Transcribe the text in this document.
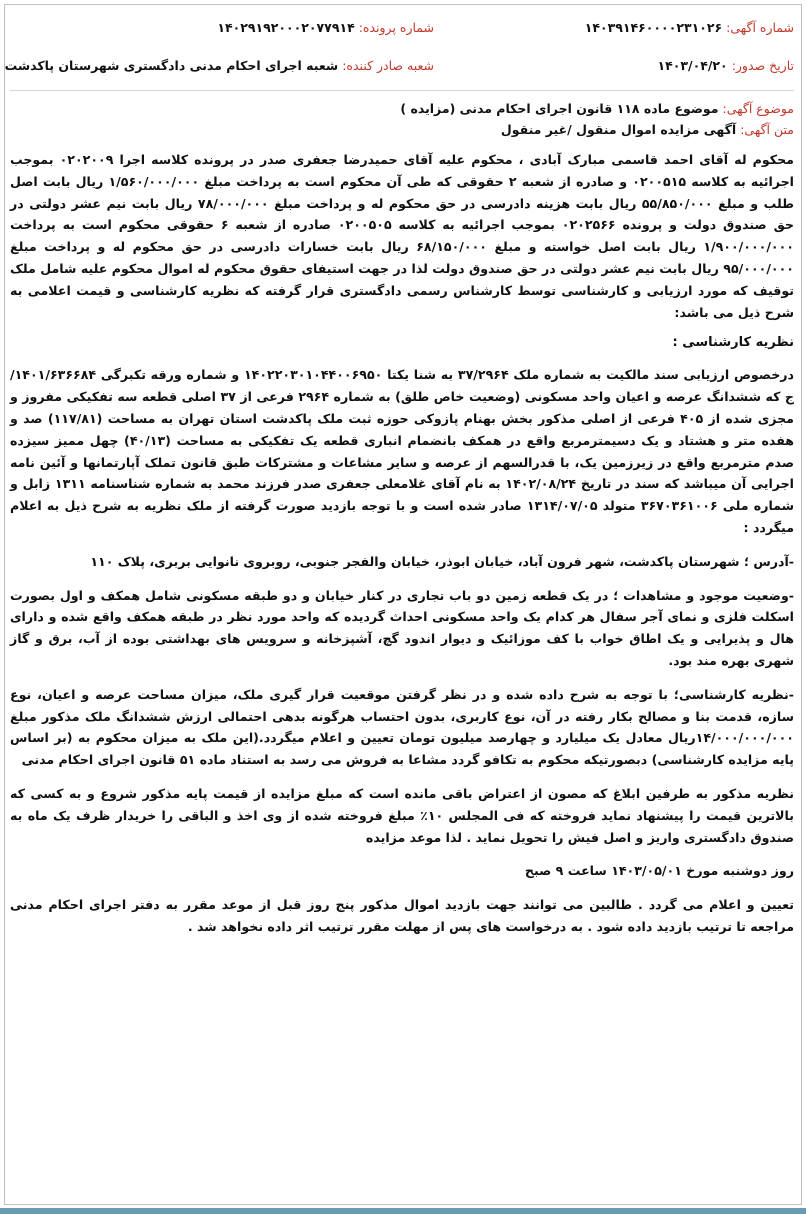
شماره آگهی:۱۴۰۳۹۱۴۶۰۰۰۰۲۳۱۰۲۶
شماره پرونده:۱۴۰۲۹۱۹۲۰۰۰۲۰۷۷۹۱۴
تاریخ صدور:۱۴۰۳/۰۴/۲۰
شعبه صادر کننده:شعبه اجرای احکام مدنی دادگستری شهرستان پاکدشت
موضوع آگهی:موضوع ماده ۱۱۸ قانون اجرای احکام مدنی (مزایده )
متن آگهی:آگهی مزایده اموال منقول /غیر منقول

محکوم له آقای احمد قاسمی مبارک آبادی ، محکوم علیه آقای حمیدرضا جعفری صدر در پرونده کلاسه اجرا ۰۲۰۲۰۰۹ بموجب اجرائیه به کلاسه ۰۲۰۰۵۱۵ و صادره از شعبه ۲ حقوقی که طی آن محکوم است به پرداخت مبلغ ۱/۵۶۰/۰۰۰/۰۰۰ ریال بابت اصل طلب و مبلغ ۵۵/۸۵۰/۰۰۰ ریال بابت هزینه دادرسی در حق محکوم له و پرداخت مبلغ ۷۸/۰۰۰/۰۰۰ ریال بابت نیم عشر دولتی در حق صندوق دولت و پرونده ۰۲۰۲۵۶۶ بموجب اجرائیه به کلاسه ۰۲۰۰۵۰۵ صادره از شعبه ۶ حقوقی محکوم است به پرداخت ۱/۹۰۰/۰۰۰/۰۰۰ ریال بابت اصل خواسته و مبلغ ۶۸/۱۵۰/۰۰۰ ریال بابت خسارات دادرسی در حق محکوم له و پرداخت مبلغ ۹۵/۰۰۰/۰۰۰ ریال بابت نیم عشر دولتی در حق صندوق دولت لذا در جهت استیفای حقوق محکوم له اموال محکوم علیه شامل ملک توقیف که مورد ارزیابی و کارشناسی توسط کارشناس رسمی دادگستری قرار گرفته که نظریه کارشناسی و قیمت اعلامی به شرح ذیل می باشد:

نظریه کارشناسی :

درخصوص ارزیابی سند مالکیت به شماره ملک ۳۷/۲۹۶۴ به شنا یکتا ۱۴۰۲۲۰۳۰۱۰۴۴۰۰۶۹۵۰ و شماره ورقه تکبرگی ۱۴۰۱/۶۳۶۶۸۴/ج که ششدانگ عرصه و اعیان واحد مسکونی (وضعیت خاص طلق) به شماره ۲۹۶۴ فرعی از ۳۷ اصلی قطعه سه تفکیکی مفروز و مجزی شده از ۴۰۵ فرعی از اصلی مذکور بخش بهنام پازوکی حوزه ثبت ملک پاکدشت استان تهران به مساحت (۱۱۷/۸۱) صد و هفده متر و هشتاد و یک دسیمترمربع واقع در همکف بانضمام انباری قطعه یک تفکیکی به مساحت (۴۰/۱۳) چهل ممیز سیزده صدم مترمربع واقع در زیرزمین یک، با قدرالسهم از عرصه و سایر مشاعات و مشترکات طبق قانون تملک آپارتمانها و آئین نامه اجرایی آن میباشد که سند در تاریخ ۱۴۰۲/۰۸/۲۴ به نام آقای غلامعلی جعفری صدر فرزند محمد به شماره شناسنامه ۱۳۱۱ زابل و شماره ملی ۳۶۷۰۳۶۱۰۰۶ متولد ۱۳۱۴/۰۷/۰۵ صادر شده است و با توجه بازدید صورت گرفته از ملک نظریه به شرح ذیل به اعلام میگردد :

-آدرس ؛ شهرستان پاکدشت، شهر فرون آباد، خیابان ابوذر، خیابان والفجر جنوبی، روبروی نانوایی بربری، پلاک ۱۱۰

-وضعیت موجود و مشاهدات ؛ در یک قطعه زمین دو باب تجاری در کنار خیابان و دو طبقه مسکونی شامل همکف و اول بصورت اسکلت فلزی و نمای آجر سفال هر کدام یک واحد مسکونی احداث گردیده که واحد مورد نظر در طبقه همکف واقع شده و دارای هال و پذیرایی و یک اطاق خواب با کف موزائیک و دیوار اندود گچ، آشپزخانه و سرویس های بهداشتی بوده از آب، برق و گاز شهری بهره مند بود.

-نظریه کارشناسی؛ با توجه به شرح داده شده و در نظر گرفتن موقعیت قرار گیری ملک، میزان مساحت عرصه و اعیان، نوع سازه، قدمت بنا و مصالح بکار رفته در آن، نوع کاربری، بدون احتساب هرگونه بدهی احتمالی ارزش ششدانگ ملک مذکور مبلغ ۱۴/۰۰۰/۰۰۰/۰۰۰ریال معادل یک میلیارد و چهارصد میلیون تومان تعیین و اعلام میگردد.(این ملک به میزان محکوم به (بر اساس پایه مزایده کارشناسی) دبصورتیکه محکوم به تکافو گردد مشاعا به فروش می رسد به استناد ماده ۵۱ قانون اجرای احکام مدنی

نظریه مذکور به طرفین ابلاغ که مصون از اعتراض باقی مانده است که مبلغ مزایده از قیمت پایه مذکور شروع و به کسی که بالاترین قیمت را پیشنهاد نماید فروخته که فی المجلس ۱۰٪ مبلغ فروخته شده از وی اخذ و الباقی را خریدار ظرف یک ماه به صندوق دادگستری واریز و اصل فیش را تحویل نماید . لذا موعد مزایده

روز دوشنبه مورخ ۱۴۰۳/۰۵/۰۱ ساعت ۹ صبح

تعیین و اعلام می گردد . طالبین می توانند جهت بازدید اموال مذکور پنج روز قبل از موعد مقرر به دفتر اجرای احکام مدنی مراجعه تا ترتیب بازدید داده شود . به درخواست های پس از مهلت مقرر ترتیب اثر داده نخواهد شد .
